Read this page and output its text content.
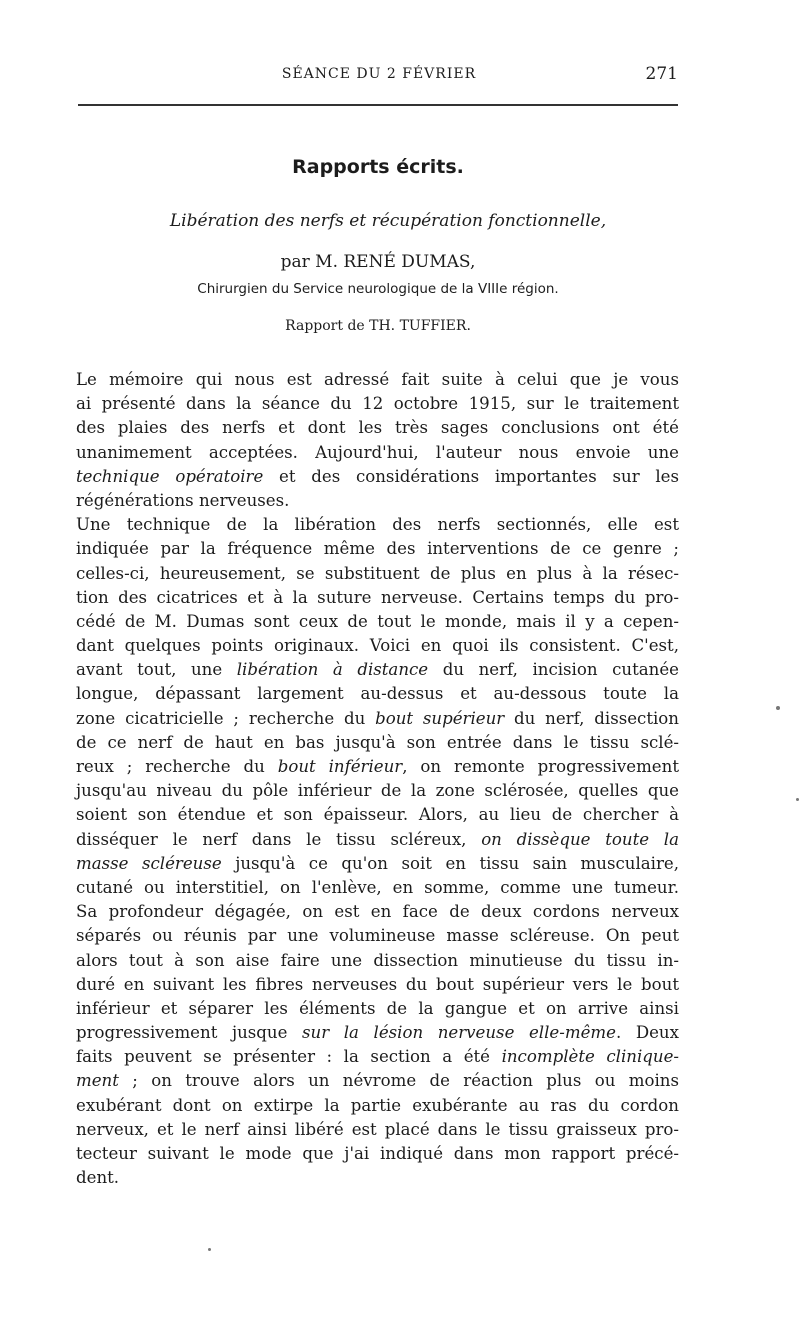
SÉANCE DU 2 FÉVRIER	271
Rapports écrits.
Libération des nerfs et récupération fonctionnelle,
par M. RENÉ DUMAS,
Chirurgien du Service neurologique de la VIIIe région.
Rapport de TH. TUFFIER.
Le mémoire qui nous est adressé fait suite à celui que je vous
ai présenté dans la séance du 12 octobre 1915, sur le traitement
des plaies des nerfs et dont les très sages conclusions ont été
unanimement acceptées. Aujourd'hui, l'auteur nous envoie une
technique opératoire et des considérations importantes sur les
régénérations nerveuses.
Une technique de la libération des nerfs sectionnés, elle est
indiquée par la fréquence même des interventions de ce genre ;
celles-ci, heureusement, se substituent de plus en plus à la résec-
tion des cicatrices et à la suture nerveuse. Certains temps du pro-
cédé de M. Dumas sont ceux de tout le monde, mais il y a cepen-
dant quelques points originaux. Voici en quoi ils consistent. C'est,
avant tout, une libération à distance du nerf, incision cutanée
longue, dépassant largement au-dessus et au-dessous toute la
zone cicatricielle ; recherche du bout supérieur du nerf, dissection
de ce nerf de haut en bas jusqu'à son entrée dans le tissu sclé-
reux ; recherche du bout inférieur, on remonte progressivement
jusqu'au niveau du pôle inférieur de la zone sclérosée, quelles que
soient son étendue et son épaisseur. Alors, au lieu de chercher à
disséquer le nerf dans le tissu scléreux, on dissèque toute la
masse scléreuse jusqu'à ce qu'on soit en tissu sain musculaire,
cutané ou interstitiel, on l'enlève, en somme, comme une tumeur.
Sa profondeur dégagée, on est en face de deux cordons nerveux
séparés ou réunis par une volumineuse masse scléreuse. On peut
alors tout à son aise faire une dissection minutieuse du tissu in-
duré en suivant les fibres nerveuses du bout supérieur vers le bout
inférieur et séparer les éléments de la gangue et on arrive ainsi
progressivement jusque sur la lésion nerveuse elle-même. Deux
faits peuvent se présenter : la section a été incomplète clinique-
ment ; on trouve alors un névrome de réaction plus ou moins
exubérant dont on extirpe la partie exubérante au ras du cordon
nerveux, et le nerf ainsi libéré est placé dans le tissu graisseux pro-
tecteur suivant le mode que j'ai indiqué dans mon rapport précé-
dent.
